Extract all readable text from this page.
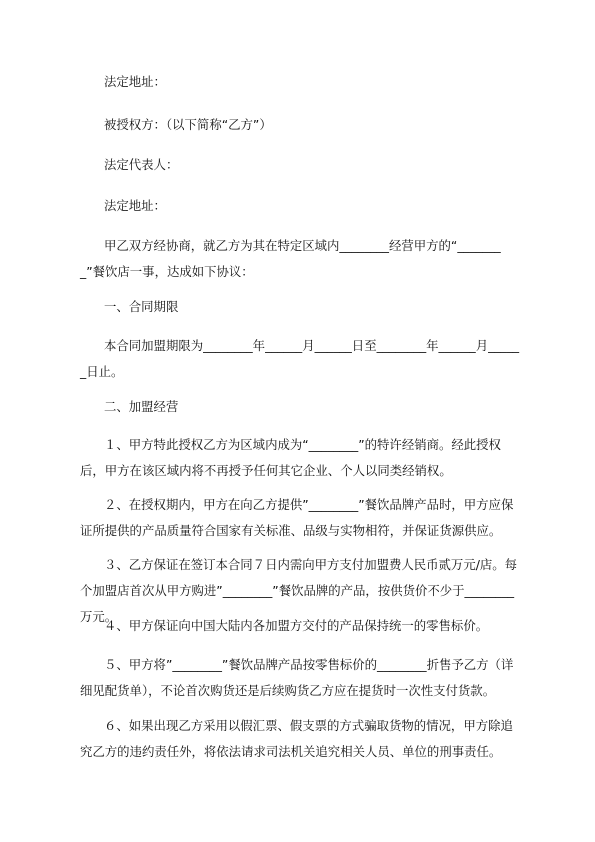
法定地址：

被授权方：（以下简称“乙方”）

法定代表人：

法定地址：

甲乙双方经协商，就乙方为其在特定区域内________经营甲方的“________”餐饮店一事，达成如下协议：

一、合同期限

本合同加盟期限为________年______月______日至________年______月______日止。

二、加盟经营

１、甲方特此授权乙方为区域内成为“________”的特许经销商。经此授权后，甲方在该区域内将不再授予任何其它企业、个人以同类经销权。

２、在授权期内，甲方在向乙方提供”________”餐饮品牌产品时，甲方应保证所提供的产品质量符合国家有关标准、品级与实物相符，并保证货源供应。

３、乙方保证在签订本合同７日内需向甲方支付加盟费人民币贰万元/店。每个加盟店首次从甲方购进”________”餐饮品牌的产品，按供货价不少于________万元。

４、甲方保证向中国大陆内各加盟方交付的产品保持统一的零售标价。

５、甲方将”________”餐饮品牌产品按零售标价的________折售予乙方（详细见配货单），不论首次购货还是后续购货乙方应在提货时一次性支付货款。

６、如果出现乙方采用以假汇票、假支票的方式骗取货物的情况，甲方除追究乙方的违约责任外，将依法请求司法机关追究相关人员、单位的刑事责任。
